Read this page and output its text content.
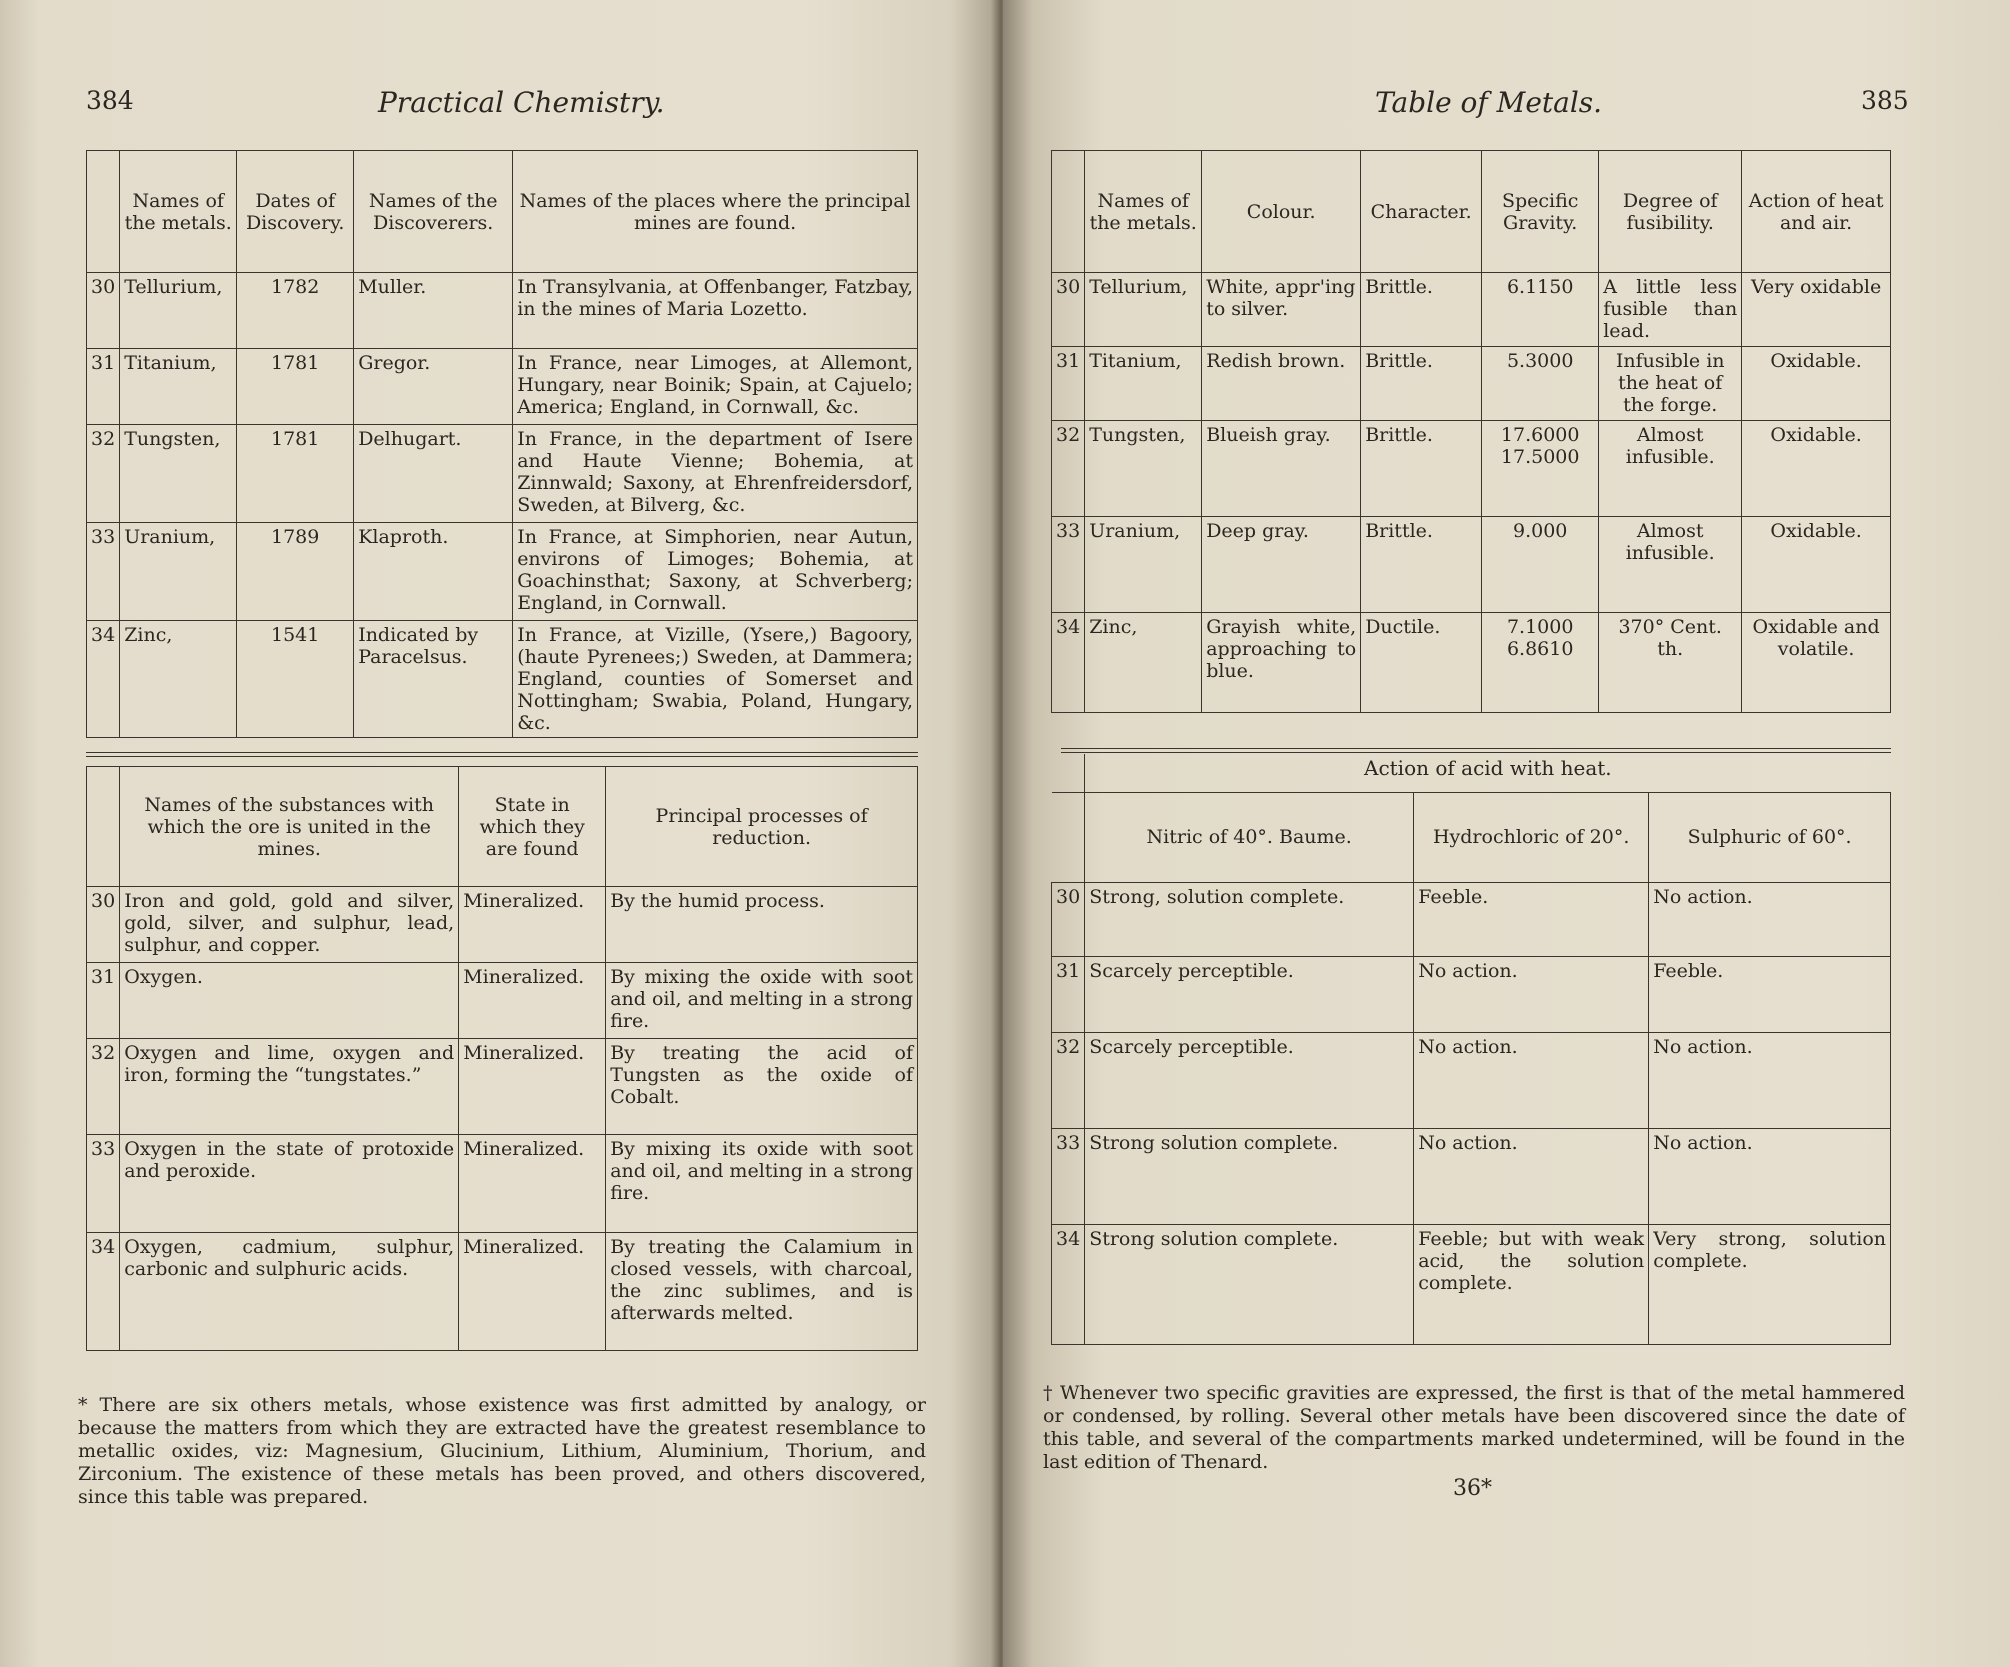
384	Practical Chemistry.
	Names of the metals.	Dates of Discovery.	Names of the Discoverers.	Names of the places where the principal mines are found.
30	Tellurium,	1782	Muller.	In Transylvania, at Offenbanger, Fatzbay, in the mines of Maria Lozetto.
31	Titanium,	1781	Gregor.	In France, near Limoges, at Allemont, Hungary, near Boinik; Spain, at Cajuelo; America; England, in Cornwall, &c.
32	Tungsten,	1781	Delhugart.	In France, in the department of Isere and Haute Vienne; Bohemia, at Zinnwald; Saxony, at Ehrenfreidersdorf, Sweden, at Bilverg, &c.
33	Uranium,	1789	Klaproth.	In France, at Simphorien, near Autun, environs of Limoges; Bohemia, at Goachinsthat; Saxony, at Schverberg; England, in Cornwall.
34	Zinc,	1541	Indicated by Paracelsus.	In France, at Vizille, (Ysere,) Bagoory, (haute Pyrenees;) Sweden, at Dammera; England, counties of Somerset and Nottingham; Swabia, Poland, Hungary, &c.
	Names of the substances with which the ore is united in the mines.	State in which they are found	Principal processes of reduction.
30	Iron and gold, gold and silver, gold, silver, and sulphur, lead, sulphur, and copper.	Mineralized.	By the humid process.
31	Oxygen.	Mineralized.	By mixing the oxide with soot and oil, and melting in a strong fire.
32	Oxygen and lime, oxygen and iron, forming the “tungstates.”	Mineralized.	By treating the acid of Tungsten as the oxide of Cobalt.
33	Oxygen in the state of protoxide and peroxide.	Mineralized.	By mixing its oxide with soot and oil, and melting in a strong fire.
34	Oxygen, cadmium, sulphur, carbonic and sulphuric acids.	Mineralized.	By treating the Calamium in closed vessels, with charcoal, the zinc sublimes, and is afterwards melted.
* There are six others metals, whose existence was first admitted by analogy, or because the matters from which they are extracted have the greatest resemblance to metallic oxides, viz: Magnesium, Glucinium, Lithium, Aluminium, Thorium, and Zirconium. The existence of these metals has been proved, and others discovered, since this table was prepared.
Table of Metals.	385
	Names of the metals.	Colour.	Character.	Specific Gravity.	Degree of fusibility.	Action of heat and air.
30	Tellurium,	White, appr'ing to silver.	Brittle.	6.1150	A little less fusible than lead.	Very oxidable
31	Titanium,	Redish brown.	Brittle.	5.3000	Infusible in the heat of the forge.	Oxidable.
32	Tungsten,	Blueish gray.	Brittle.	17.6000 17.5000	Almost infusible.	Oxidable.
33	Uranium,	Deep gray.	Brittle.	9.000	Almost infusible.	Oxidable.
34	Zinc,	Grayish white, approaching to blue.	Ductile.	7.1000 6.8610	370° Cent. th.	Oxidable and volatile.
	Action of acid with heat.		
	Nitric of 40°. Baume.	Hydrochloric of 20°.	Sulphuric of 60°.
30	Strong, solution complete.	Feeble.	No action.
31	Scarcely perceptible.	No action.	Feeble.
32	Scarcely perceptible.	No action.	No action.
33	Strong solution complete.	No action.	No action.
34	Strong solution complete.	Feeble; but with weak acid, the solution complete.	Very strong, solution complete.
† Whenever two specific gravities are expressed, the first is that of the metal hammered or condensed, by rolling. Several other metals have been discovered since the date of this table, and several of the compartments marked undetermined, will be found in the last edition of Thenard.
36*
